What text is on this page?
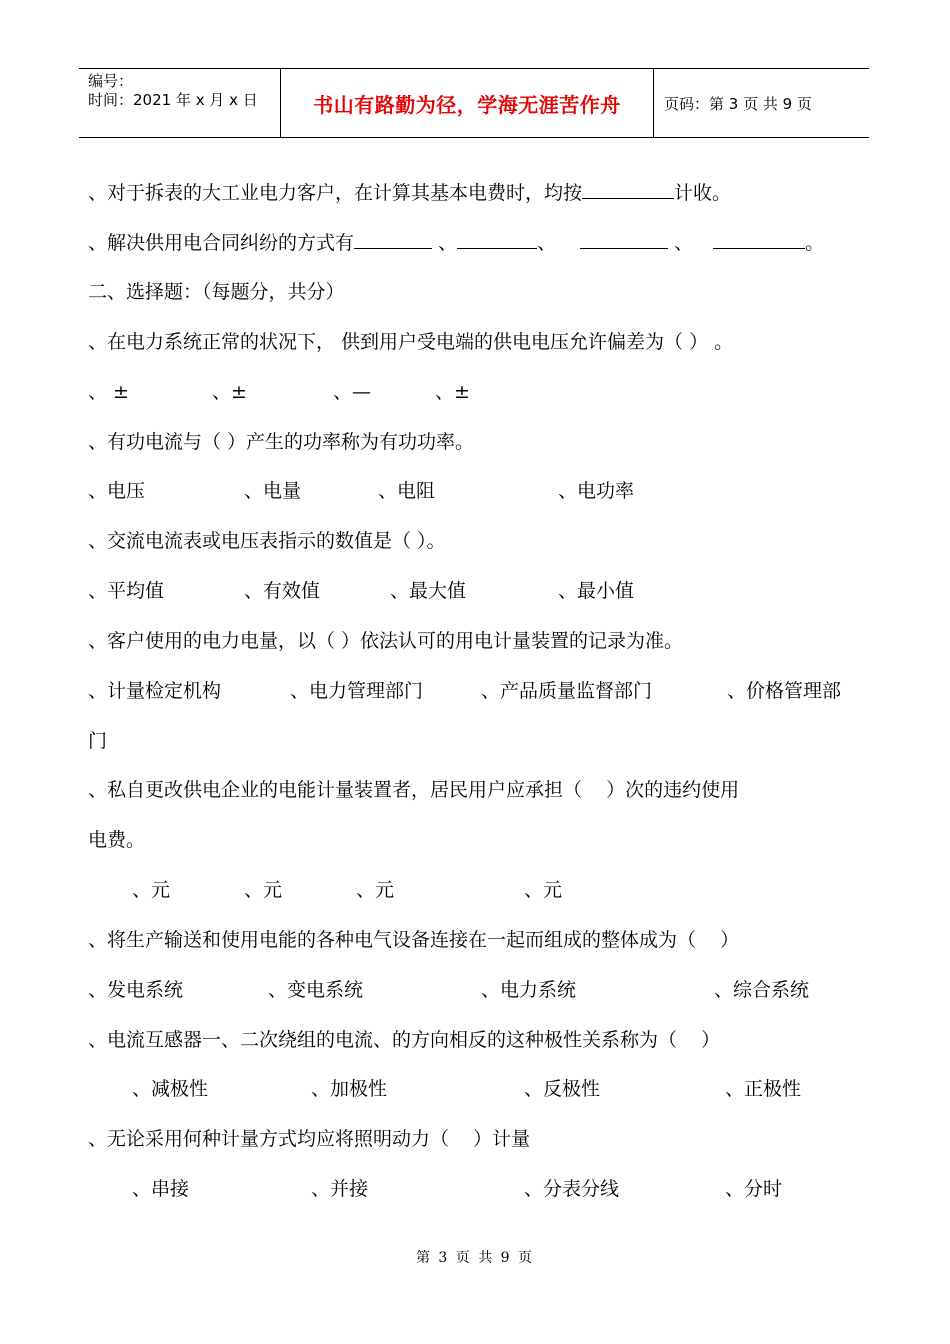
编号：
时间：2021 年 x 月 x 日	书山有路勤为径，学海无涯苦作舟	页码：第 3 页 共 9 页
、对于拆表的大工业电力客户，在计算其基本电费时，均按	计收。
、解决供用电合同纠纷的方式有	、	、	、	。
二、选择题：（每题分，共分）
、在电力系统正常的状况下， 供到用户受电端的供电电压允许偏差为（ ） 。
、 ±	、±	、—	、±
、有功电流与（ ）产生的功率称为有功功率。
、电压	、电量	、电阻	、电功率
、交流电流表或电压表指示的数值是（ ）。
、平均值	、有效值	、最大值	、最小值
、客户使用的电力电量，以（ ）依法认可的用电计量装置的记录为准。
、计量检定机构	、电力管理部门	、产品质量监督部门	、价格管理部
门
、私自更改供电企业的电能计量装置者，居民用户应承担（    ）次的违约使用
电费。
、元	、元	、元	、元
、将生产输送和使用电能的各种电气设备连接在一起而组成的整体成为（    ）
、发电系统	、变电系统	、电力系统	、综合系统
、电流互感器一、二次绕组的电流、的方向相反的这种极性关系称为（    ）
、减极性	、加极性	、反极性	、正极性
、无论采用何种计量方式均应将照明动力（    ）计量
、串接	、并接	、分表分线	、分时
第 3 页 共 9 页
